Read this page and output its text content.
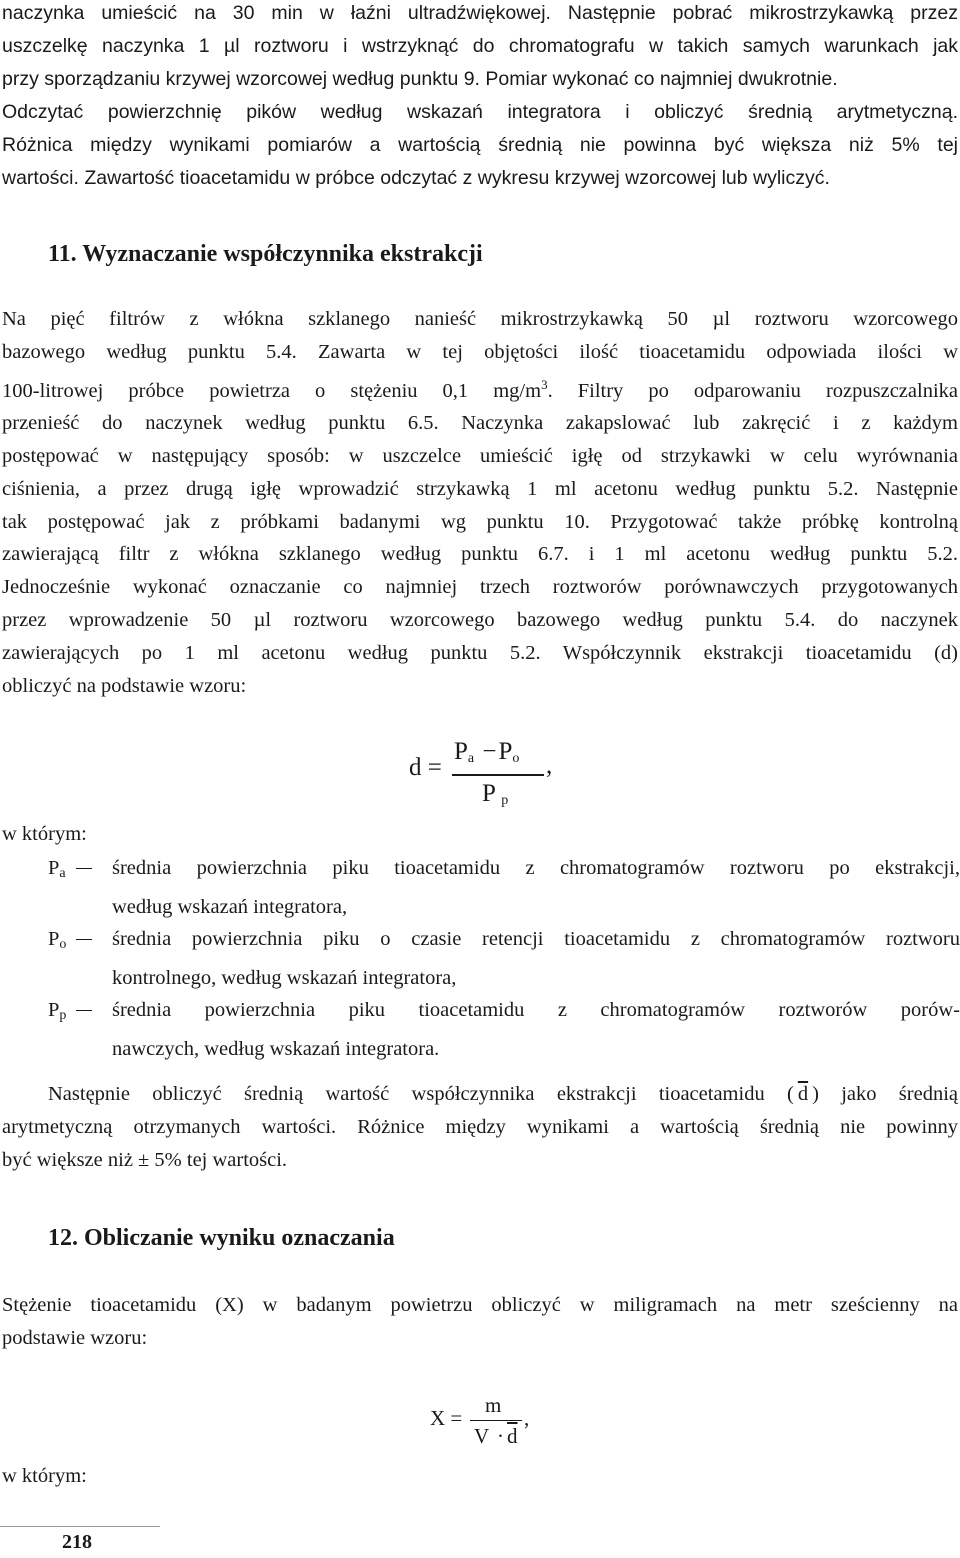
naczynka umieścić na 30 min w łaźni ultradźwiękowej. Następnie pobrać mikrostrzykawką przez
uszczelkę naczynka 1 µl roztworu i wstrzyknąć do chromatografu w takich samych warunkach jak
przy sporządzaniu krzywej wzorcowej według punktu 9. Pomiar wykonać co najmniej dwukrotnie.
Odczytać powierzchnię pików według wskazań integratora i obliczyć średnią arytmetyczną.
Różnica między wynikami pomiarów a wartością średnią nie powinna być większa niż 5% tej
wartości. Zawartość tioacetamidu w próbce odczytać z wykresu krzywej wzorcowej lub wyliczyć.
11. Wyznaczanie współczynnika ekstrakcji
Na pięć filtrów z włókna szklanego nanieść mikrostrzykawką 50 µl roztworu wzorcowego
bazowego według punktu 5.4. Zawarta w tej objętości ilość tioacetamidu odpowiada ilości w
100-litrowej próbce powietrza o stężeniu 0,1 $mg/m^3$. Filtry po odparowaniu rozpuszczalnika
przenieść do naczynek według punktu 6.5. Naczynka zakapslować lub zakręcić i z każdym
postępować w następujący sposób: w uszczelce umieścić igłę od strzykawki w celu wyrównania
ciśnienia, a przez drugą igłę wprowadzić strzykawką 1 ml acetonu według punktu 5.2. Następnie
tak postępować jak z próbkami badanymi wg punktu 10. Przygotować także próbkę kontrolną
zawierającą filtr z włókna szklanego według punktu 6.7. i 1 ml acetonu według punktu 5.2.
Jednocześnie wykonać oznaczanie co najmniej trzech roztworów porównawczych przygotowanych
przez wprowadzenie 50 µl roztworu wzorcowego bazowego według punktu 5.4. do naczynek
zawierających po 1 ml acetonu według punktu 5.2. Współczynnik ekstrakcji tioacetamidu (d)
obliczyć na podstawie wzoru:
d =
$P_a -P_o$ ,
P $_p$
w którym:
$P_a$	średnia powierzchnia piku tioacetamidu z chromatogramów roztworu po ekstrakcji,
według wskazań integratora,
$P_o$	średnia powierzchnia piku o czasie retencji tioacetamidu z chromatogramów roztworu
kontrolnego, według wskazań integratora,
$P_p$	średnia powierzchnia piku tioacetamidu z chromatogramów roztworów porów-
nawczych, według wskazań integratora.
Następnie obliczyć średnią wartość współczynnika ekstrakcji tioacetamidu ( $\overline{d}$ ) jako średnią
arytmetyczną otrzymanych wartości. Różnice między wynikami a wartością średnią nie powinny
być większe niż ± 5% tej wartości.
12. Obliczanie wyniku oznaczania
Stężenie tioacetamidu (X) w badanym powietrzu obliczyć w miligramach na metr sześcienny na
podstawie wzoru:
X =
m
$V \cdot \overline{d}$
,
w którym:
218
